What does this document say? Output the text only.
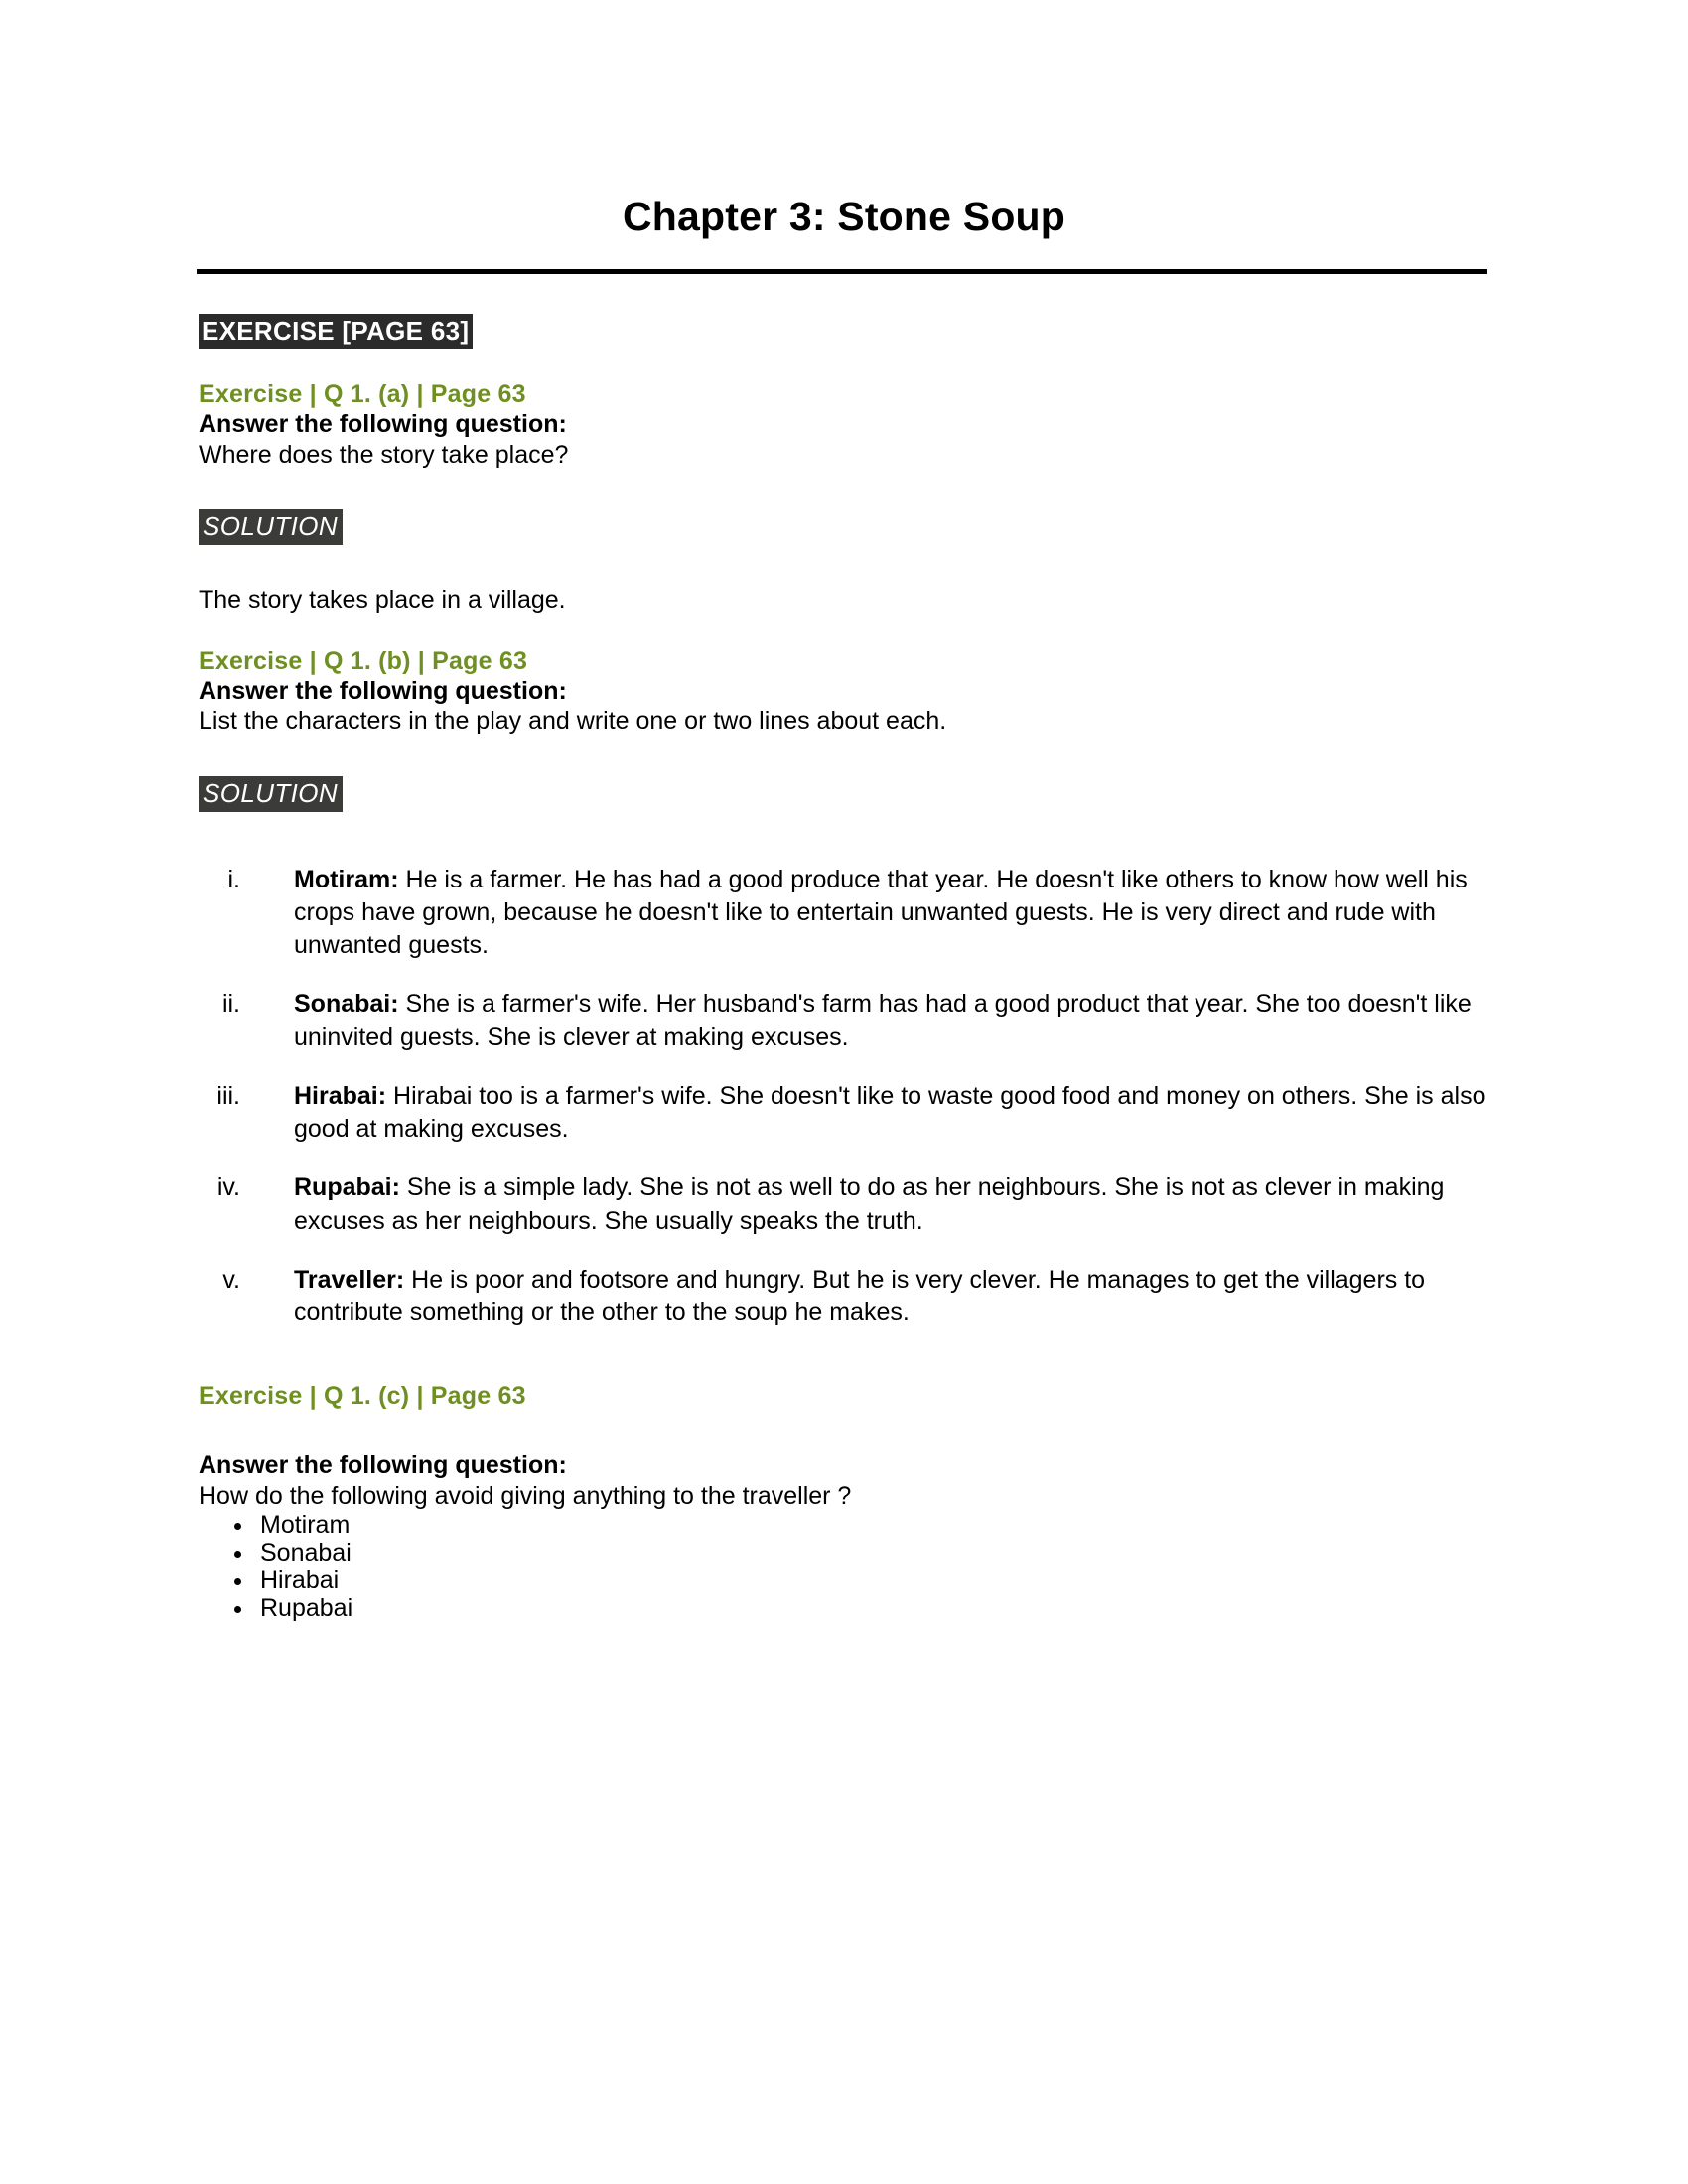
Chapter 3: Stone Soup
EXERCISE [PAGE 63]
Exercise | Q 1. (a) | Page 63
Answer the following question:
Where does the story take place?
SOLUTION
The story takes place in a village.
Exercise | Q 1. (b) | Page 63
Answer the following question:
List the characters in the play and write one or two lines about each.
SOLUTION
i. Motiram: He is a farmer. He has had a good produce that year. He doesn't like others to know how well his crops have grown, because he doesn't like to entertain unwanted guests. He is very direct and rude with unwanted guests.
ii. Sonabai: She is a farmer's wife. Her husband's farm has had a good product that year. She too doesn't like uninvited guests. She is clever at making excuses.
iii. Hirabai: Hirabai too is a farmer's wife. She doesn't like to waste good food and money on others. She is also good at making excuses.
iv. Rupabai: She is a simple lady. She is not as well to do as her neighbours. She is not as clever in making excuses as her neighbours. She usually speaks the truth.
v. Traveller: He is poor and footsore and hungry. But he is very clever. He manages to get the villagers to contribute something or the other to the soup he makes.
Exercise | Q 1. (c) | Page 63
Answer the following question:
How do the following avoid giving anything to the traveller ?
Motiram
Sonabai
Hirabai
Rupabai
